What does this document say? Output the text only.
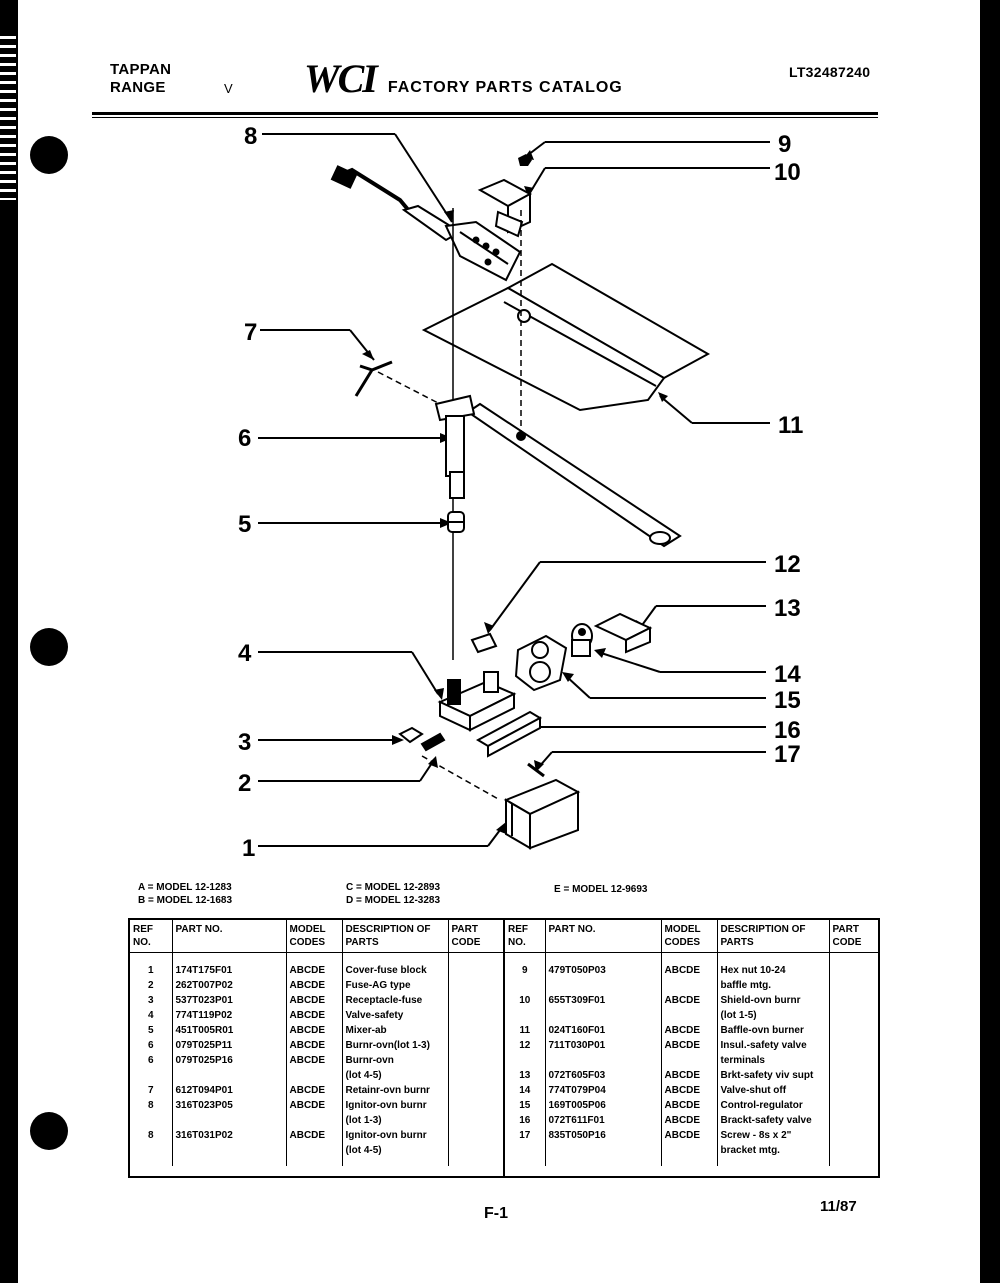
TAPPAN
RANGE	V WCI FACTORY PARTS CATALOG
LT32487240
8	9
10
7
11
6
5
12
13
4
14
15
16
3	17
2
1
A = MODEL 12-1283
B = MODEL 12-1683
C = MODEL 12-2893
D = MODEL 12-3283
E = MODEL 12-9693
REF NO.	PART NO.	MODEL CODES	DESCRIPTION OF PARTS	PART CODE
1	174T175F01	ABCDE	Cover-fuse block	
2	262T007P02	ABCDE	Fuse-AG type	
3	537T023P01	ABCDE	Receptacle-fuse	
4	774T119P02	ABCDE	Valve-safety	
5	451T005R01	ABCDE	Mixer-ab	
6	079T025P11	ABCDE	Burnr-ovn(lot 1-3)	
6	079T025P16	ABCDE	Burnr-ovn	
			(lot 4-5)	
7	612T094P01	ABCDE	Retainr-ovn burnr	
8	316T023P05	ABCDE	Ignitor-ovn burnr	
			(lot 1-3)	

8	316T031P02	ABCDE	Ignitor-ovn burnr	
			(lot 4-5)	

REF NO.	PART NO.	MODEL CODES	DESCRIPTION OF PARTS	PART CODE
9	479T050P03	ABCDE	Hex nut 10-24	
			baffle mtg.	
10	655T309F01	ABCDE	Shield-ovn burnr	
			(lot 1-5)	
11	024T160F01	ABCDE	Baffle-ovn burner	
12	711T030P01	ABCDE	Insul.-safety valve	
			terminals	
13	072T605F03	ABCDE	Brkt-safety viv supt	
14	774T079P04	ABCDE	Valve-shut off	
15	169T005P06	ABCDE	Control-regulator	
16	072T611F01	ABCDE	Brackt-safety valve	
17	835T050P16	ABCDE	Screw - 8s x 2"	
			bracket mtg.	

F-1	11/87
